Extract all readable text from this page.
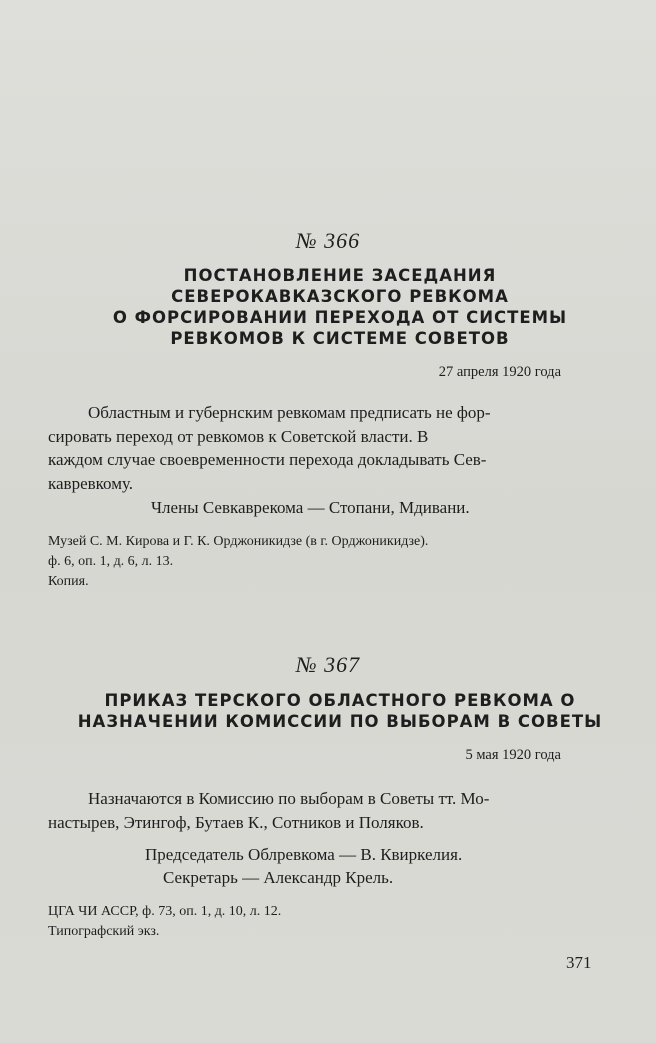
№ 366
ПОСТАНОВЛЕНИЕ ЗАСЕДАНИЯ
СЕВЕРОКАВКАЗСКОГО РЕВКОМА
О ФОРСИРОВАНИИ ПЕРЕХОДА ОТ СИСТЕМЫ
РЕВКОМОВ К СИСТЕМЕ СОВЕТОВ
27 апреля 1920 года
Областным и губернским ревкомам предписать не фор-
сировать переход от ревкомов к Советской власти. В
каждом случае своевременности перехода докладывать Сев-
кавревкому.
Члены Севкаврекома — Стопани, Мдивани.
Музей С. М. Кирова и Г. К. Орджоникидзе (в г. Орджоникидзе).
ф. 6, оп. 1, д. 6, л. 13.
Копия.
№ 367
ПРИКАЗ ТЕРСКОГО ОБЛАСТНОГО РЕВКОМА О
НАЗНАЧЕНИИ КОМИССИИ ПО ВЫБОРАМ В СОВЕТЫ
5 мая 1920 года
Назначаются в Комиссию по выборам в Советы тт. Мо-
настырев, Этингоф, Бутаев К., Сотников и Поляков.
Председатель Облревкома — В. Квиркелия.
Секретарь — Александр Крель.
ЦГА ЧИ АССР, ф. 73, оп. 1, д. 10, л. 12.
Типографский экз.
371
